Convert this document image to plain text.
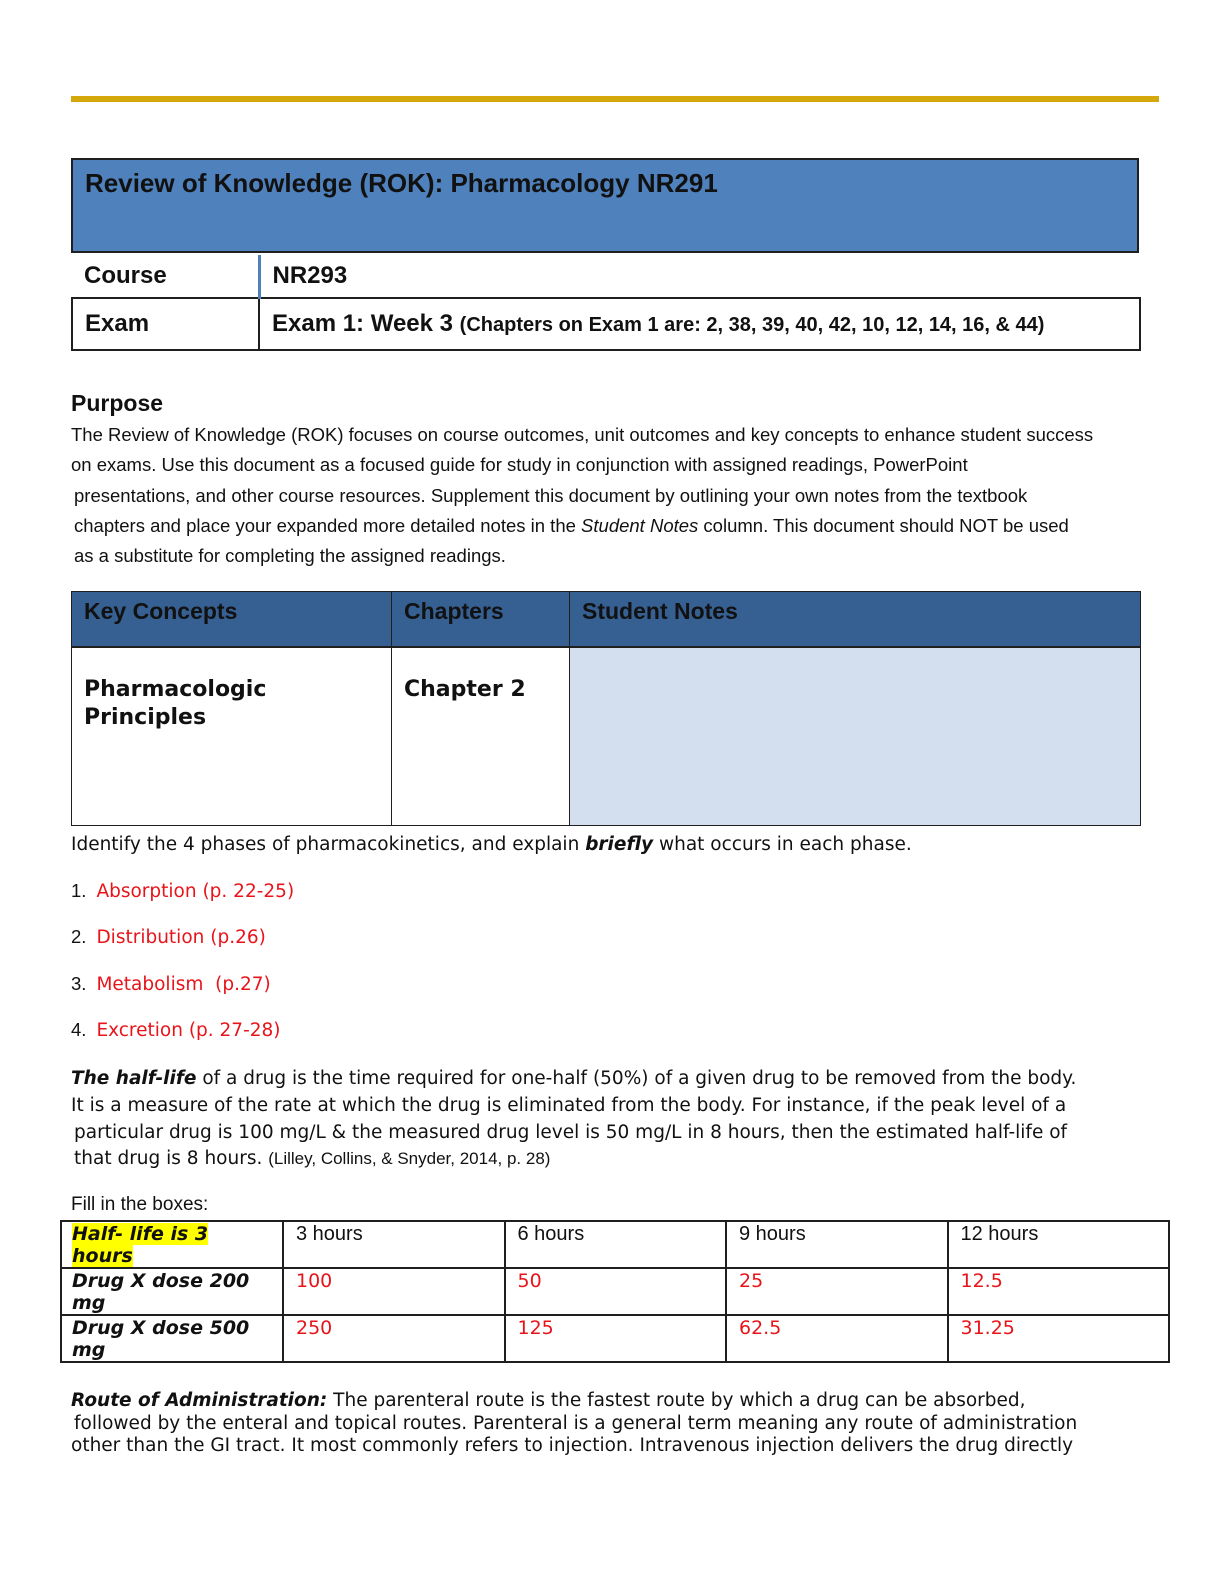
Review of Knowledge (ROK): Pharmacology NR291
Course	NR293
Exam	Exam 1: Week 3 (Chapters on Exam 1 are: 2, 38, 39, 40, 42, 10, 12, 14, 16, & 44)
Purpose

The Review of Knowledge (ROK) focuses on course outcomes, unit outcomes and key concepts to enhance student success
on exams. Use this document as a focused guide for study in conjunction with assigned readings, PowerPoint
presentations, and other course resources. Supplement this document by outlining your own notes from the textbook
chapters and place your expanded more detailed notes in the Student Notes column. This document should NOT be used
as a substitute for completing the assigned readings.

Key Concepts	Chapters	Student Notes
Pharmacologic Principles	Chapter 2	
Identify the 4 phases of pharmacokinetics, and explain briefly what occurs in each phase.
1. Absorption (p. 22-25)
2. Distribution (p.26)
3. Metabolism  (p.27)
4. Excretion (p. 27-28)

The half-life of a drug is the time required for one-half (50%) of a given drug to be removed from the body.
It is a measure of the rate at which the drug is eliminated from the body. For instance, if the peak level of a
particular drug is 100 mg/L & the measured drug level is 50 mg/L in 8 hours, then the estimated half-life of
that drug is 8 hours. (Lilley, Collins, & Snyder, 2014, p. 28)

Fill in the boxes:
Half- life is 3 hours	3 hours	6 hours	9 hours	12 hours
Drug X dose 200 mg	100	50	25	12.5
Drug X dose 500 mg	250	125	62.5	31.25

Route of Administration: The parenteral route is the fastest route by which a drug can be absorbed,
followed by the enteral and topical routes. Parenteral is a general term meaning any route of administration
other than the GI tract. It most commonly refers to injection. Intravenous injection delivers the drug directly
